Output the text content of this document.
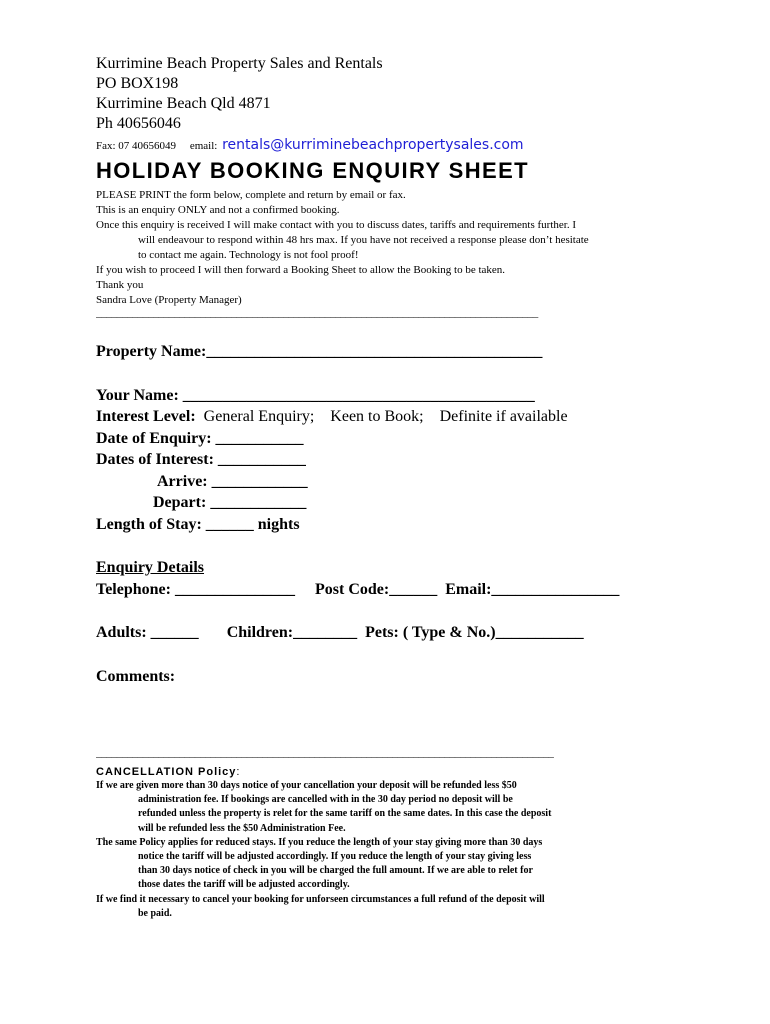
Kurrimine Beach Property Sales and Rentals
PO BOX198
Kurrimine Beach Qld 4871
Ph 40656046
Fax: 07 40656049 email: rentals@kurriminebeachpropertysales.com
HOLIDAY BOOKING ENQUIRY SHEET
PLEASE PRINT the form below, complete and return by email or fax.
This is an enquiry ONLY and not a confirmed booking.
Once this enquiry is received I will make contact with you to discuss dates, tariffs and requirements further. I
will endeavour to respond within 48 hrs max. If you have not received a response please don’t hesitate
to contact me again. Technology is not fool proof!
If you wish to proceed I will then forward a Booking Sheet to allow the Booking to be taken.
Thank you
Sandra Love (Property Manager)
_____________________________________________________________________________________
Property Name:__________________________________________
Your Name: ____________________________________________
Interest Level: General Enquiry;    Keen to Book;    Definite if available
Date of Enquiry: ___________
Dates of Interest: ___________
Arrive: ____________
Depart: ____________
Length of Stay: ______ nights
Enquiry Details
Telephone: _______________ Post Code:______ Email:________________
Adults: ______ Children:________ Pets: ( Type & No.)___________
Comments:
________________________________________________________________________________________
CANCELLATION Policy:
If we are given more than 30 days notice of your cancellation your deposit will be refunded less $50
administration fee. If bookings are cancelled with in the 30 day period no deposit will be
refunded unless the property is relet for the same tariff on the same dates. In this case the deposit
will be refunded less the $50 Administration Fee.
The same Policy applies for reduced stays. If you reduce the length of your stay giving more than 30 days
notice the tariff will be adjusted accordingly. If you reduce the length of your stay giving less
than 30 days notice of check in you will be charged the full amount. If we are able to relet for
those dates the tariff will be adjusted accordingly.
If we find it necessary to cancel your booking for unforseen circumstances a full refund of the deposit will
be paid.
